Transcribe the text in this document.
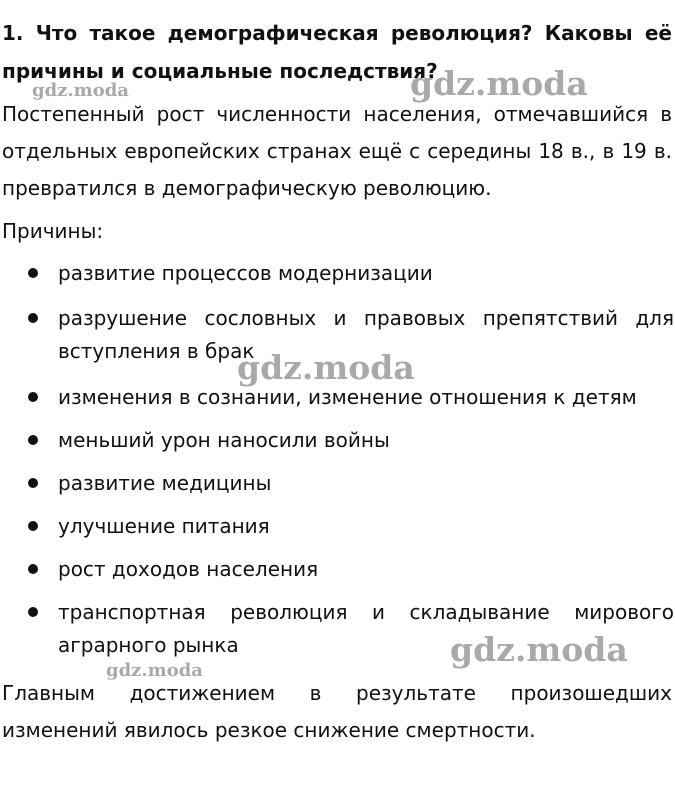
1. Что такое демографическая революция? Каковы её причины и социальные последствия?
Постепенный рост численности населения, отмечавшийся в отдельных европейских странах ещё с середины 18 в., в 19 в. превратился в демографическую революцию.
Причины:
развитие процессов модернизации
разрушение сословных и правовых препятствий для вступления в брак
изменения в сознании, изменение отношения к детям
меньший урон наносили войны
развитие медицины
улучшение питания
рост доходов населения
транспортная революция и складывание мирового аграрного рынка
Главным достижением в результате произошедших изменений явилось резкое снижение смертности.
gdz.moda
gdz.moda
gdz.moda
gdz.moda
gdz.moda
